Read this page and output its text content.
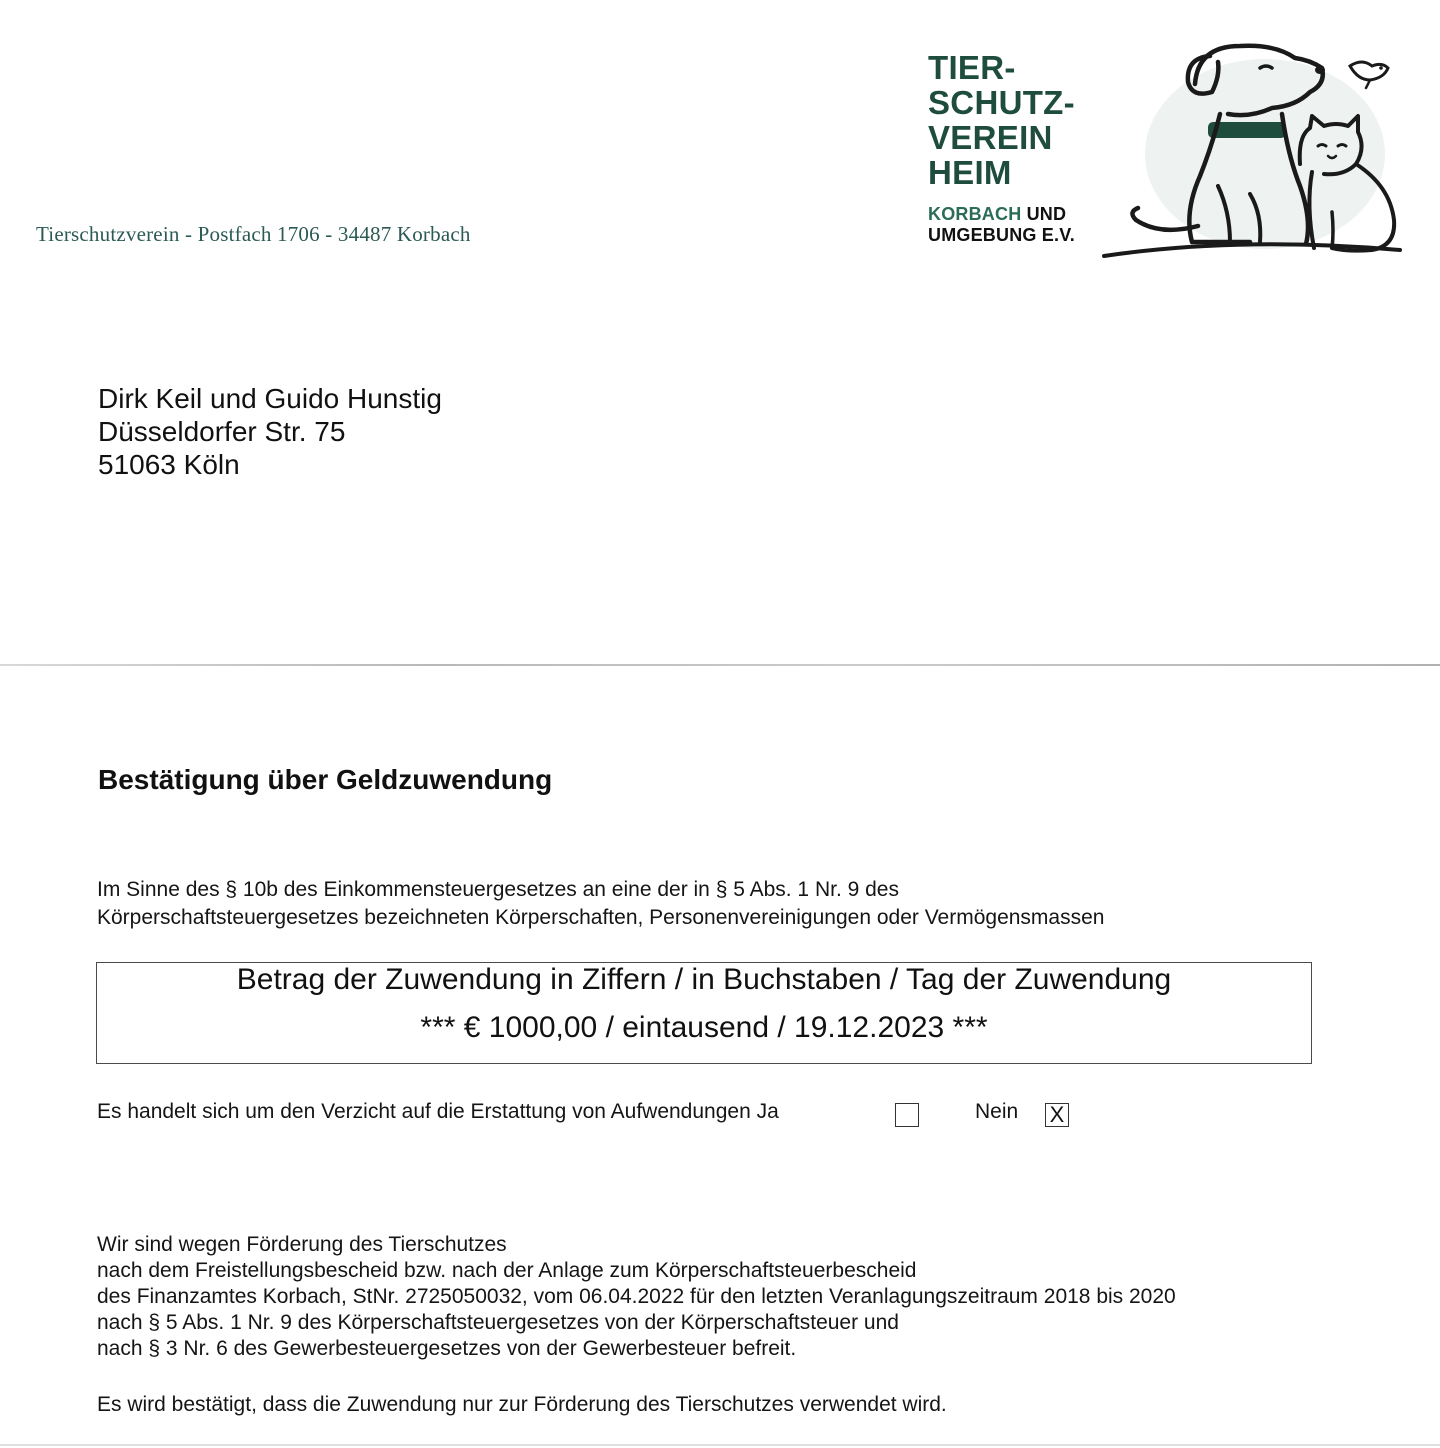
Tierschutzverein - Postfach 1706 - 34487 Korbach
TIER-
SCHUTZ-
VEREIN
HEIM
KORBACH UND
UMGEBUNG E.V.
Dirk Keil und Guido Hunstig
Düsseldorfer Str. 75
51063 Köln
Bestätigung über Geldzuwendung
Im Sinne des § 10b des Einkommensteuergesetzes an eine der in § 5 Abs. 1 Nr. 9 des
Körperschaftsteuergesetzes bezeichneten Körperschaften, Personenvereinigungen oder Vermögensmassen
Betrag der Zuwendung in Ziffern / in Buchstaben / Tag der Zuwendung
*** € 1000,00 / eintausend / 19.12.2023 ***
Es handelt sich um den Verzicht auf die Erstattung von Aufwendungen Ja	Nein X
Wir sind wegen Förderung des Tierschutzes
nach dem Freistellungsbescheid bzw. nach der Anlage zum Körperschaftsteuerbescheid
des Finanzamtes Korbach, StNr. 2725050032, vom 06.04.2022 für den letzten Veranlagungszeitraum 2018 bis 2020
nach § 5 Abs. 1 Nr. 9 des Körperschaftsteuergesetzes von der Körperschaftsteuer und
nach § 3 Nr. 6 des Gewerbesteuergesetzes von der Gewerbesteuer befreit.
Es wird bestätigt, dass die Zuwendung nur zur Förderung des Tierschutzes verwendet wird.
